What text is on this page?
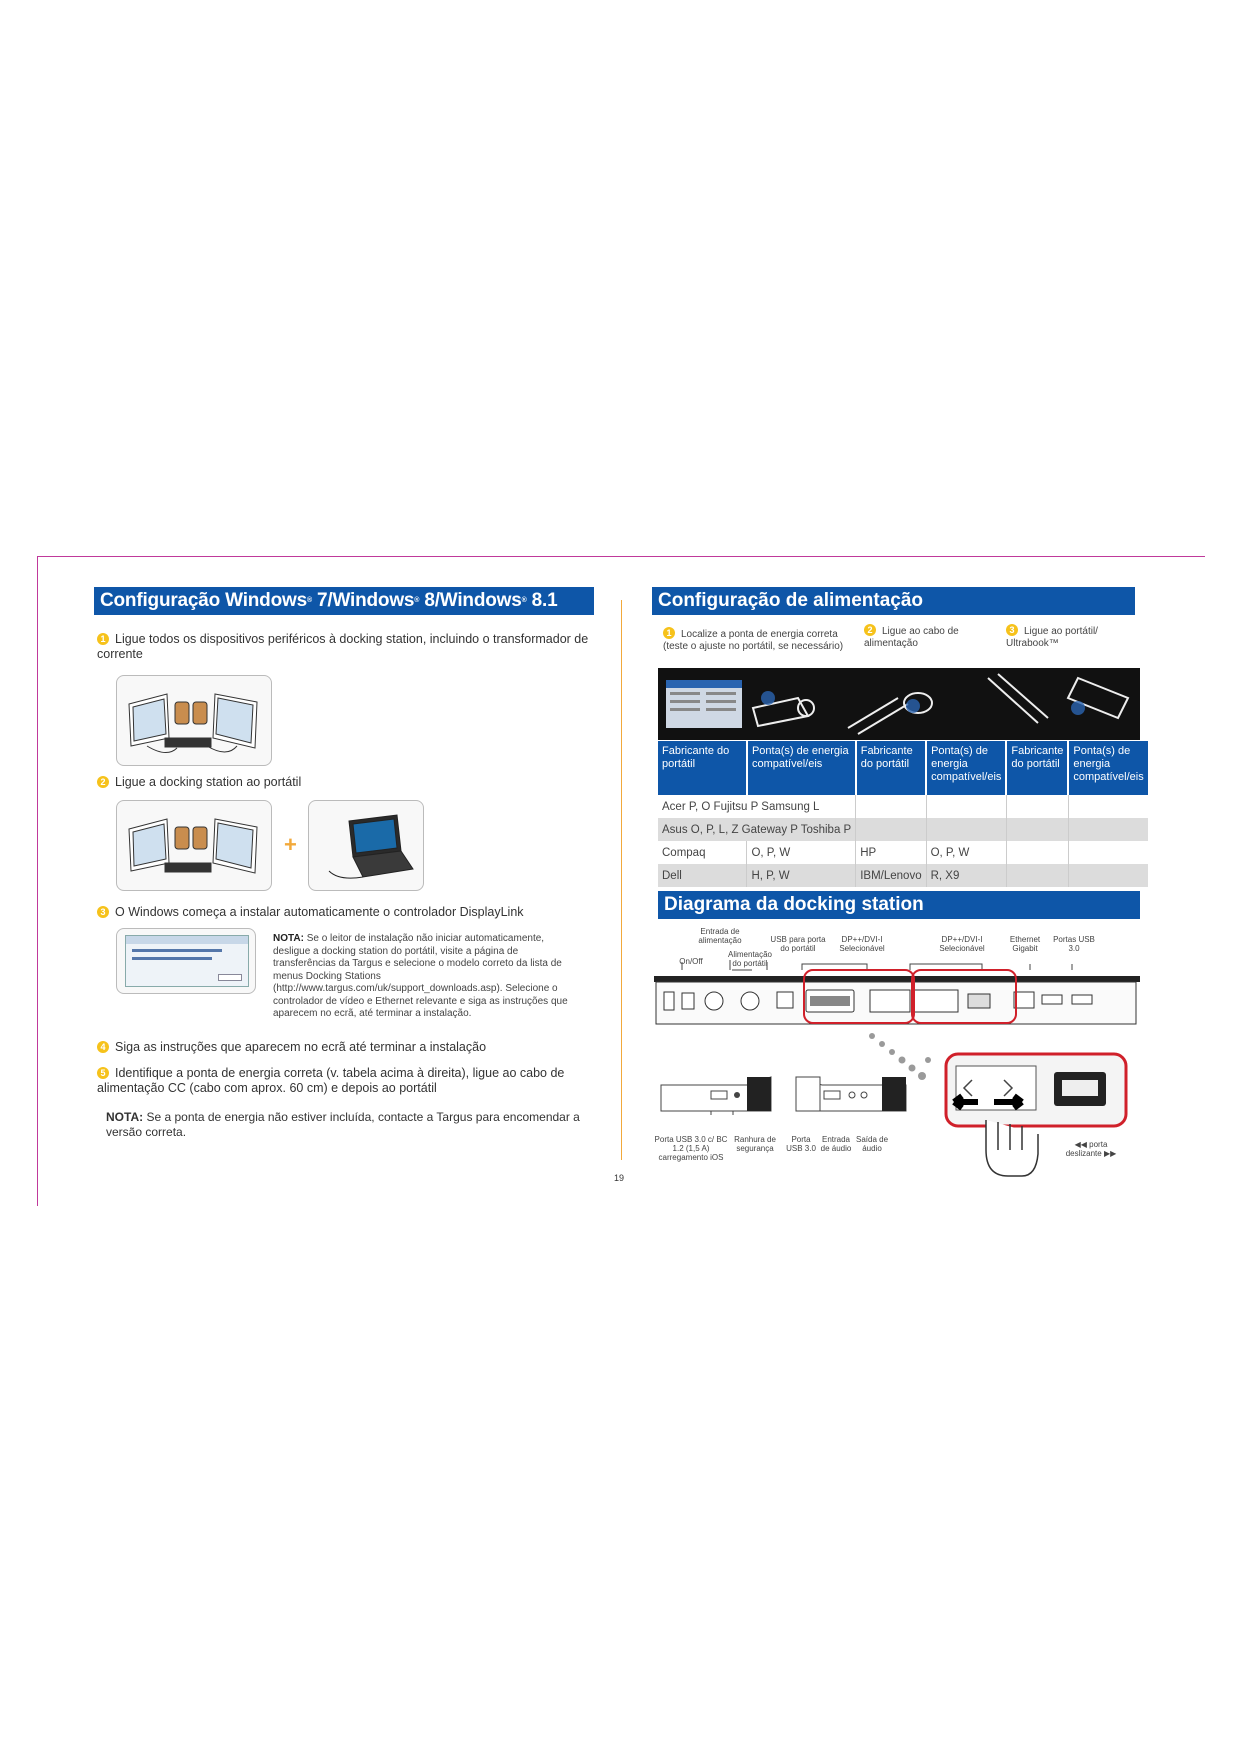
Configuração Windows® 7/Windows® 8/Windows® 8.1
1 Ligue todos os dispositivos periféricos à docking station, incluindo o transformador de corrente
2 Ligue a docking station ao portátil
+
3 O Windows começa a instalar automaticamente o controlador DisplayLink
NOTA: Se o leitor de instalação não iniciar automaticamente, desligue a docking station do portátil, visite a página de transferências da Targus e selecione o modelo correto da lista de menus Docking Stations (http://www.targus.com/uk/support_downloads.asp). Selecione o controlador de vídeo e Ethernet relevante e siga as instruções que aparecem no ecrã, até terminar a instalação.
4 Siga as instruções que aparecem no ecrã até terminar a instalação
5 Identifique a ponta de energia correta (v. tabela acima à direita), ligue ao cabo de alimentação CC (cabo com aprox. 60 cm) e depois ao portátil
NOTA: Se a ponta de energia não estiver incluída, contacte a Targus para encomendar a versão correta.
19
Configuração de alimentação
1 Localize a ponta de energia correta (teste o ajuste no portátil, se necessário)
2 Ligue ao cabo de alimentação
3 Ligue ao portátil/ Ultrabook™
Fabricante do portátil	Ponta(s) de energia compatível/eis	Fabricante do portátil	Ponta(s) de energia compatível/eis	Fabricante do portátil	Ponta(s) de energia compatível/eis
Acer P, O Fujitsu P Samsung L					
Asus O, P, L, Z Gateway P Toshiba P					
Compaq	O, P, W	HP	O, P, W		
Dell	H, P, W	IBM/Lenovo	R, X9		
Diagrama da docking station
Entrada de alimentação
On/Off
Alimentação do portátil
USB para porta do portátil
DP++/DVI-I Selecionável
DP++/DVI-I Selecionável
Ethernet Gigabit
Portas USB 3.0
Porta USB 3.0 c/ BC 1.2 (1,5 A) carregamento iOS
Ranhura de segurança
Porta USB 3.0
Entrada de áudio
Saída de áudio	◀◀ porta deslizante ▶▶
